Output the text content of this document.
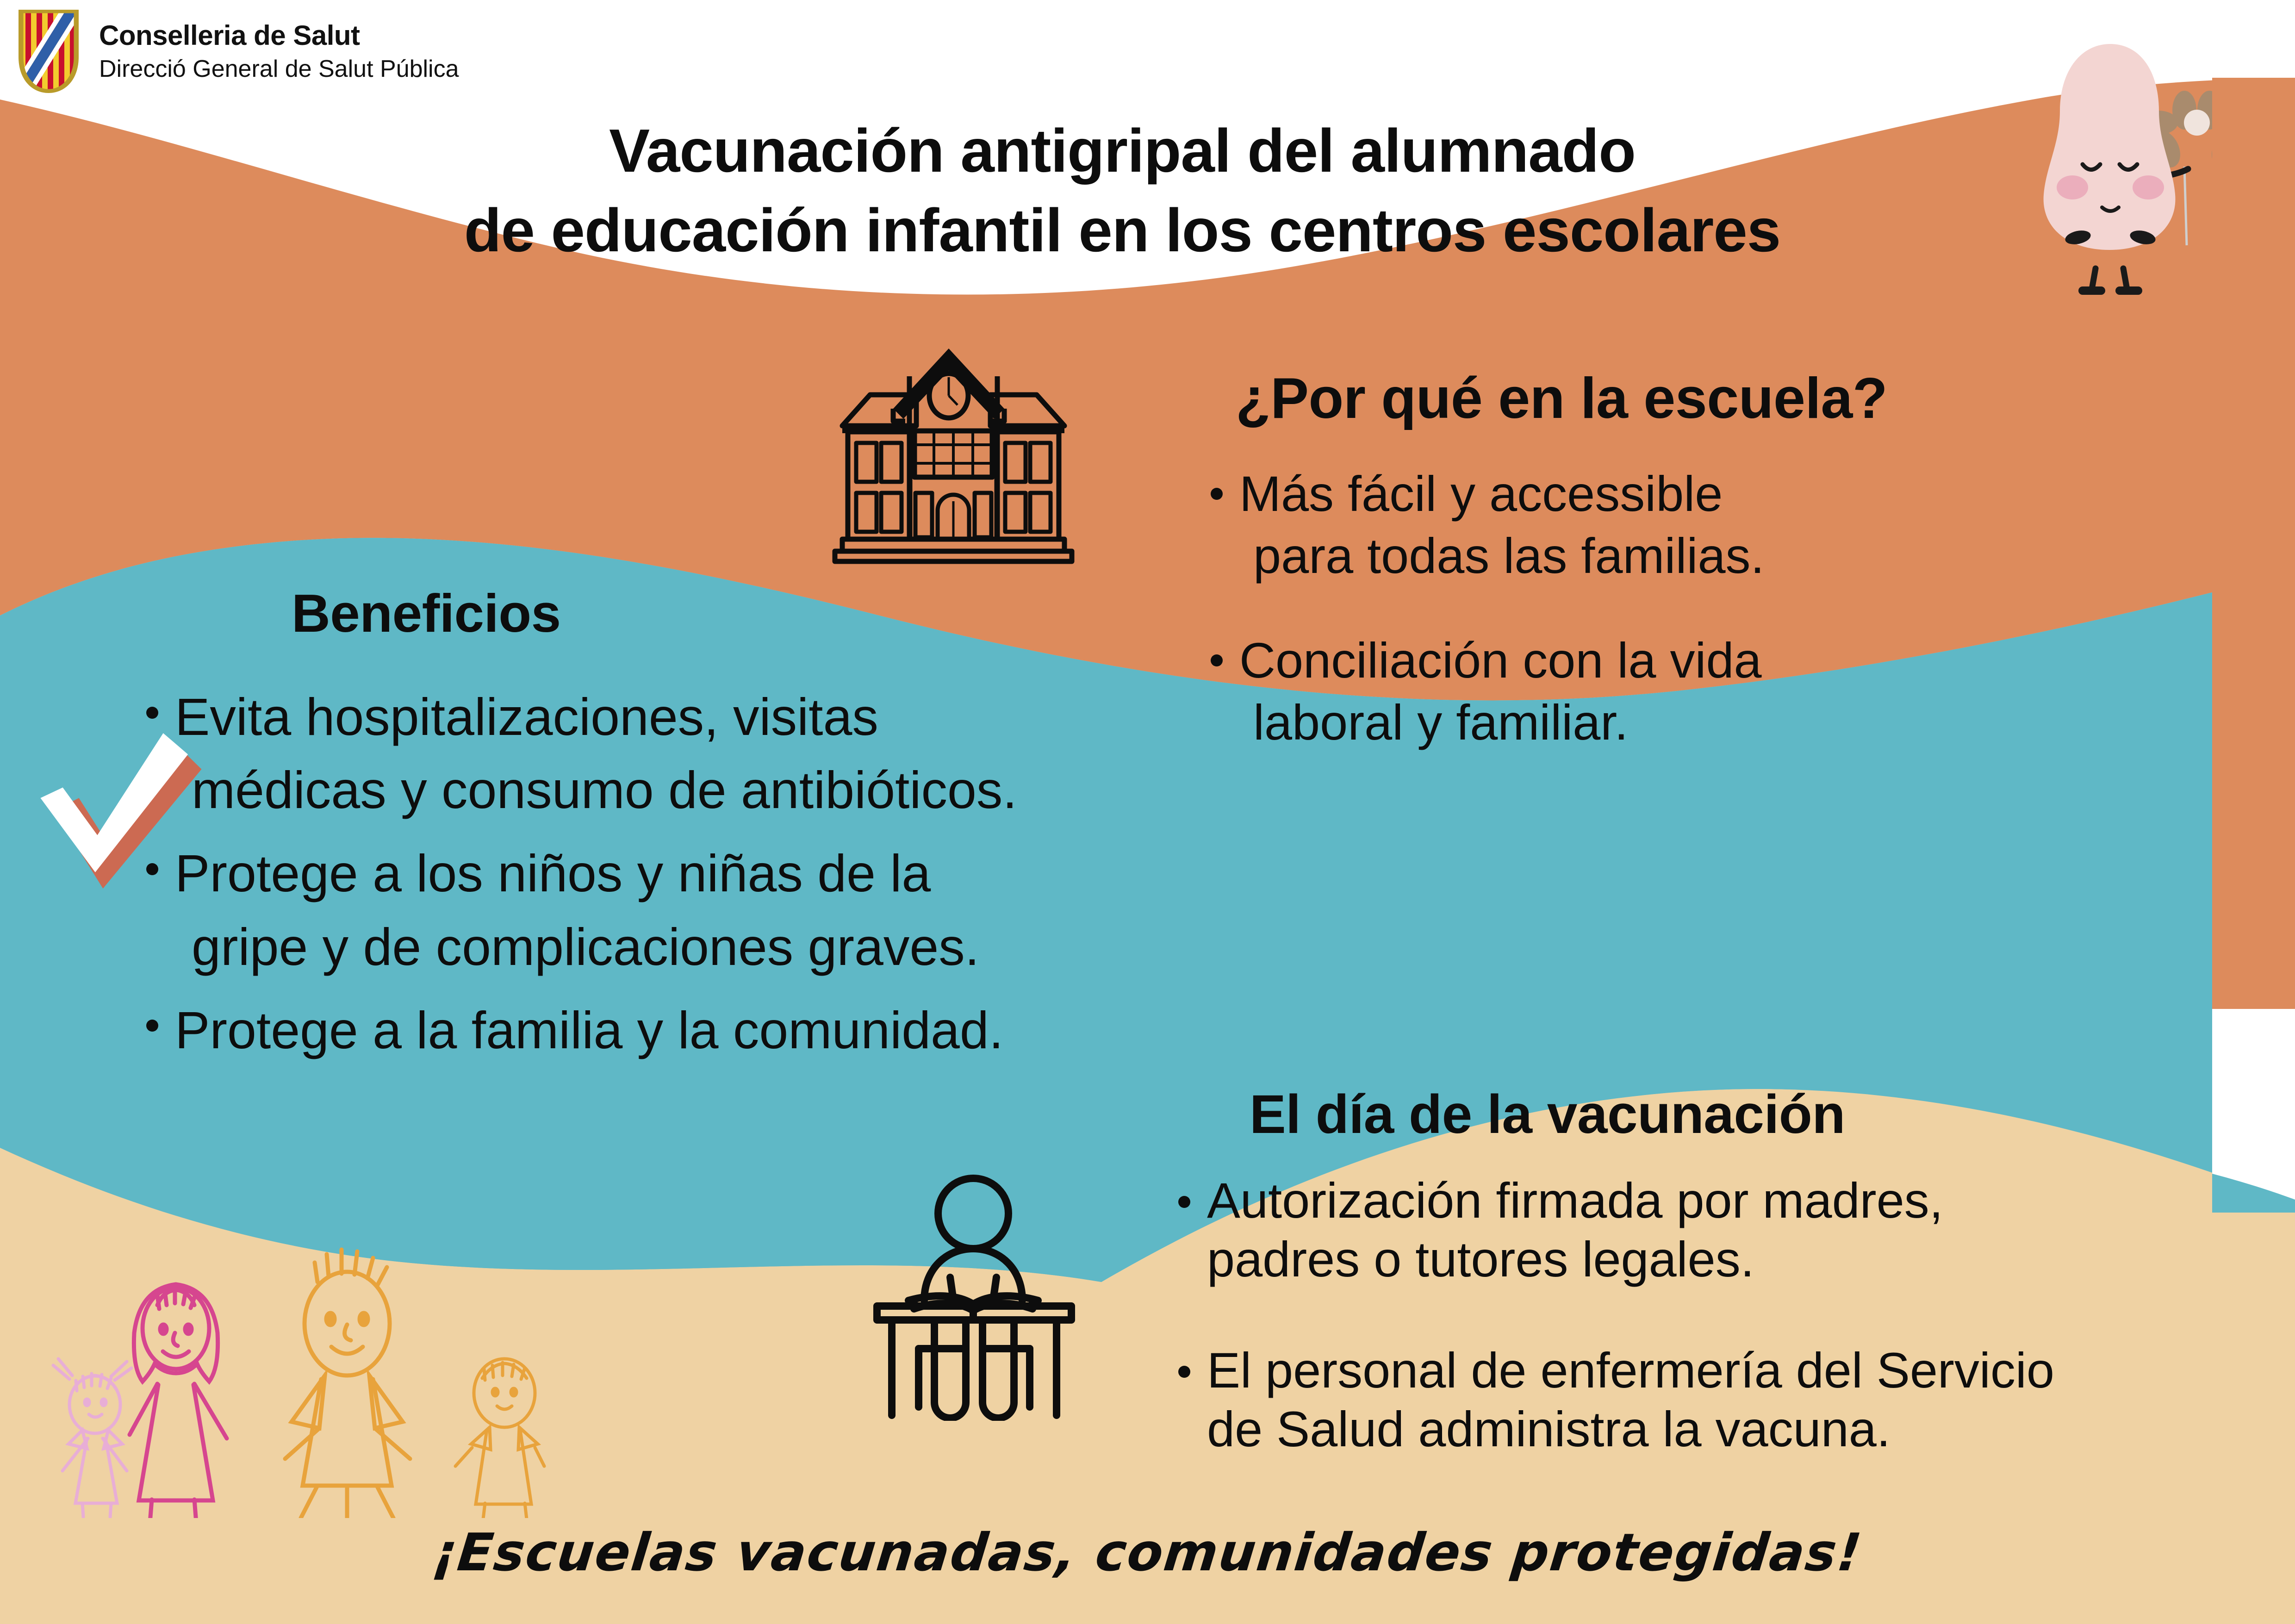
Conselleria de Salut
Direcció General de Salut Pública
Vacunación antigripal del alumnado
de educación infantil en los centros escolares
¿Por qué en la escuela?
Más fácil y accessible
para todas las familias.
Conciliación con la vida
laboral y familiar.
Beneficios
Evita hospitalizaciones, visitas
médicas y consumo de antibióticos.
Protege a los niños y niñas de la
gripe y de complicaciones graves.
Protege a la familia y la comunidad.
El día de la vacunación
Autorización firmada por madres,
padres o tutores legales.
El personal de enfermería del Servicio
de Salud administra la vacuna.
¡Escuelas vacunadas, comunidades protegidas!
